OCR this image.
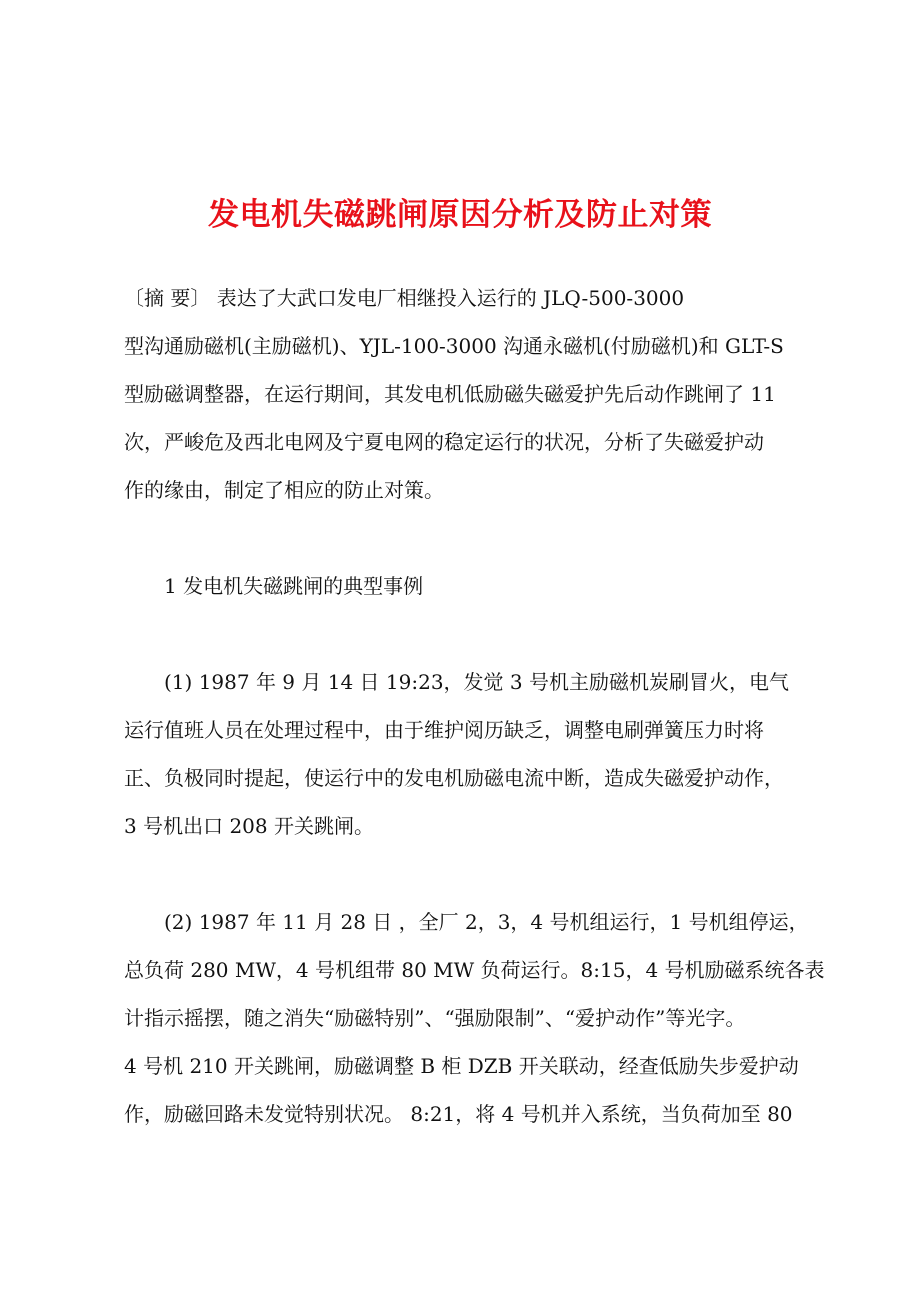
发电机失磁跳闸原因分析及防止对策
〔摘 要〕 表达了大武口发电厂相继投入运行的 JLQ-500-3000
型沟通励磁机(主励磁机)、YJL-100-3000 沟通永磁机(付励磁机)和 GLT-S
型励磁调整器，在运行期间，其发电机低励磁失磁爱护先后动作跳闸了 11
次，严峻危及西北电网及宁夏电网的稳定运行的状况，分析了失磁爱护动
作的缘由，制定了相应的防止对策。
1 发电机失磁跳闸的典型事例
(1) 1987 年 9 月 14 日 19:23，发觉 3 号机主励磁机炭刷冒火，电气
运行值班人员在处理过程中，由于维护阅历缺乏，调整电刷弹簧压力时将
正、负极同时提起，使运行中的发电机励磁电流中断，造成失磁爱护动作，
3 号机出口 208 开关跳闸。
(2) 1987 年 11 月 28 日 ，全厂 2，3，4 号机组运行，1 号机组停运，
总负荷 280 MW，4 号机组带 80 MW 负荷运行。8:15，4 号机励磁系统各表
计指示摇摆，随之消失“励磁特别”、“强励限制”、“爱护动作”等光字。
4 号机 210 开关跳闸，励磁调整 B 柜 DZB 开关联动，经查低励失步爱护动
作，励磁回路未发觉特别状况。 8:21，将 4 号机并入系统，当负荷加至 80
